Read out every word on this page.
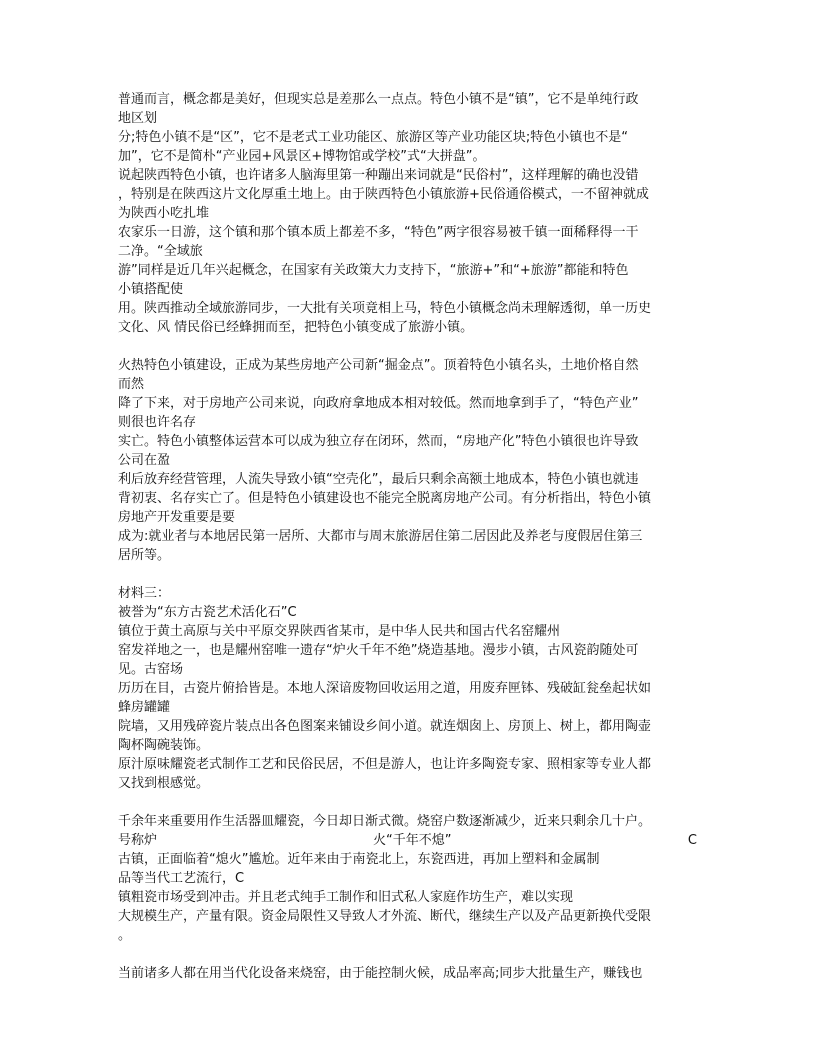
普通而言，概念都是美好，但现实总是差那么一点点。特色小镇不是“镇”，它不是单纯行政
地区划
分;特色小镇不是“区”，它不是老式工业功能区、旅游区等产业功能区块;特色小镇也不是“
加”，它不是简朴“产业园+风景区+博物馆或学校”式“大拼盘”。
说起陕西特色小镇，也许诸多人脑海里第一种蹦出来词就是“民俗村”，这样理解的确也没错
，特别是在陕西这片文化厚重土地上。由于陕西特色小镇旅游+民俗通俗模式，一不留神就成
为陕西小吃扎堆
农家乐一日游，这个镇和那个镇本质上都差不多，“特色”两字很容易被千镇一面稀释得一干
二净。“全域旅
游”同样是近几年兴起概念，在国家有关政策大力支持下，“旅游+”和“+旅游”都能和特色
小镇搭配使
用。陕西推动全域旅游同步，一大批有关项竟相上马，特色小镇概念尚未理解透彻，单一历史
文化、风 情民俗已经蜂拥而至，把特色小镇变成了旅游小镇。
火热特色小镇建设，正成为某些房地产公司新“掘金点”。顶着特色小镇名头，土地价格自然
而然
降了下来，对于房地产公司来说，向政府拿地成本相对较低。然而地拿到手了，“特色产业”
则很也许名存
实亡。特色小镇整体运营本可以成为独立存在闭环，然而，“房地产化”特色小镇很也许导致
公司在盈
利后放弃经营管理，人流失导致小镇“空壳化”，最后只剩余高额土地成本，特色小镇也就违
背初衷、名存实亡了。但是特色小镇建设也不能完全脱离房地产公司。有分析指出，特色小镇
房地产开发重要是要
成为:就业者与本地居民第一居所、大都市与周末旅游居住第二居因此及养老与度假居住第三
居所等。
材料三：
被誉为“东方古瓷艺术活化石”C
镇位于黄土高原与关中平原交界陕西省某市，是中华人民共和国古代名窑耀州
窑发祥地之一，也是耀州窑唯一遗存“炉火千年不绝”烧造基地。漫步小镇，古风瓷韵随处可
见。古窑场
历历在目，古瓷片俯拾皆是。本地人深谙废物回收运用之道，用废弃匣钵、残破缸瓮垒起状如
蜂房罐罐
院墙，又用残碎瓷片装点出各色图案来铺设乡间小道。就连烟囱上、房顶上、树上，都用陶壶
陶杯陶碗装饰。
原汁原味耀瓷老式制作工艺和民俗民居，不但是游人，也让许多陶瓷专家、照相家等专业人都
又找到根感觉。
千余年来重要用作生活器皿耀瓷，今日却日渐式微。烧窑户数逐渐减少，近来只剩余几十户。
号称炉	火“千年不熄”	C
古镇，正面临着“熄火”尴尬。近年来由于南瓷北上，东瓷西进，再加上塑料和金属制
品等当代工艺流行，C
镇粗瓷市场受到冲击。并且老式纯手工制作和旧式私人家庭作坊生产，难以实现
大规模生产，产量有限。资金局限性又导致人才外流、断代，继续生产以及产品更新换代受限
。
当前诸多人都在用当代化设备来烧窑，由于能控制火候，成品率高;同步大批量生产，赚钱也
